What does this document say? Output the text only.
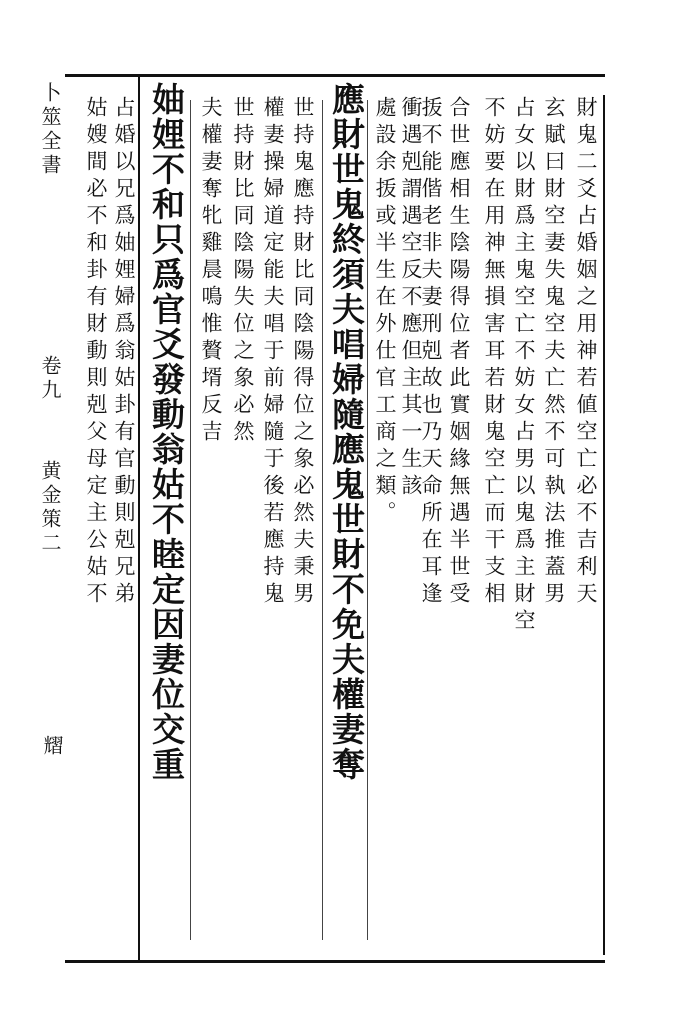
財鬼二爻占婚姻之用神若値空亡必不吉利天
玄賦曰財空妻失鬼空夫亡然不可執法推蓋男
占女以財爲主鬼空亡不妨女占男以鬼爲主財空
不妨要在用神無損害耳若財鬼空亡而干支相
合世應相生陰陽得位者此實姻緣無遇半世受
㧞不能偕老非夫妻刑剋故也乃天命所在耳逢
衝遇剋謂遇空反不應但主其一生該
處設余㧞或半生在外仕官工商之類。
應財世鬼終須夫唱婦隨應鬼世財不免夫權妻奪
世持鬼應持財比同陰陽得位之象必然夫秉男
權妻操婦道定能夫唱于前婦隨于後若應持鬼
世持財比同陰陽失位之象必然
夫權妻奪牝雞晨鳴惟贅壻反吉
妯娌不和只爲官爻發動翁姑不睦定因妻位交重
占婚以兄爲妯娌婦爲翁姑卦有官動則剋兄弟
姑嫂間必不和卦有財動則剋父母定主公姑不
卜筮全書
卷九
黄金策二
𦒉
